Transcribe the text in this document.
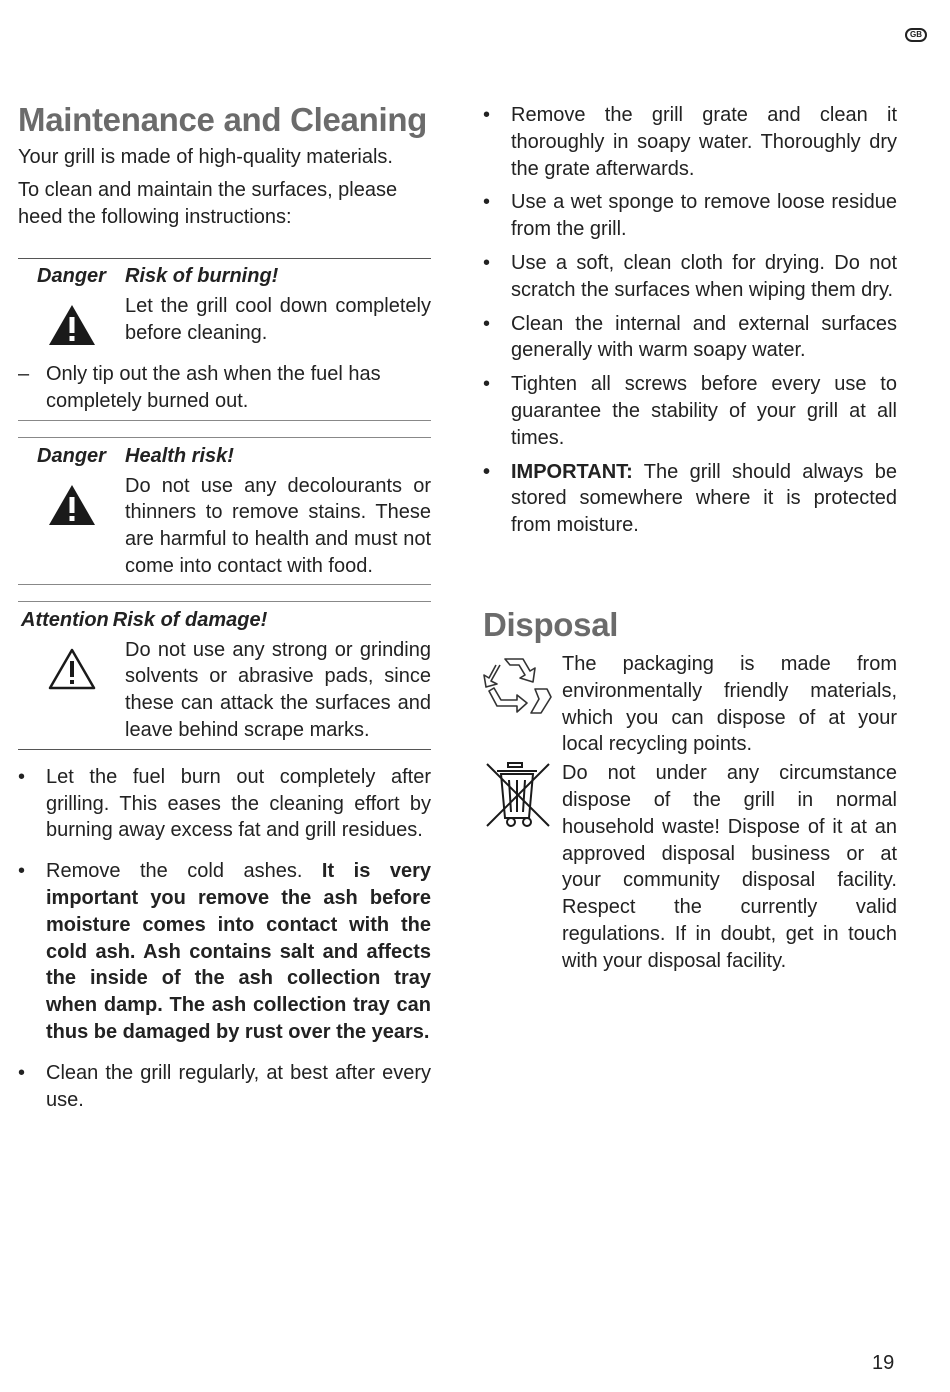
GB
Maintenance and Cleaning

Your grill is made of high-quality materials.

To clean and maintain the surfaces, please heed the following instructions:

Danger Risk of burning!
Let the grill cool down completely before cleaning.
– Only tip out the ash when the fuel has completely burned out.
Danger Health risk!
Do not use any decolourants or thinners to remove stains. These are harmful to health and must not come into contact with food.
Attention Risk of damage!
Do not use any strong or grinding solvents or abrasive pads, since these can attack the surfaces and leave behind scrape marks.
•	Let the fuel burn out completely after grilling. This eases the cleaning effort by burning away excess fat and grill residues.
•	Remove the cold ashes. It is very important you remove the ash before moisture comes into contact with the cold ash. Ash contains salt and affects the inside of the ash collection tray when damp. The ash collection tray can thus be damaged by rust over the years.
•	Clean the grill regularly, at best after every use.
•	Remove the grill grate and clean it thoroughly in soapy water. Thoroughly dry the grate afterwards.
•	Use a wet sponge to remove loose residue from the grill.
•	Use a soft, clean cloth for drying. Do not scratch the surfaces when wiping them dry.
•	Clean the internal and external surfaces generally with warm soapy water.
•	Tighten all screws before every use to guarantee the stability of your grill at all times.
•	IMPORTANT: The grill should always be stored somewhere where it is protected from moisture.
Disposal
The packaging is made from environmentally friendly materials, which you can dispose of at your local recycling points.
Do not under any circumstance dispose of the grill in normal household waste! Dispose of it at an approved disposal business or at your community disposal facility. Respect the currently valid regulations. If in doubt, get in touch with your disposal facility.
19
